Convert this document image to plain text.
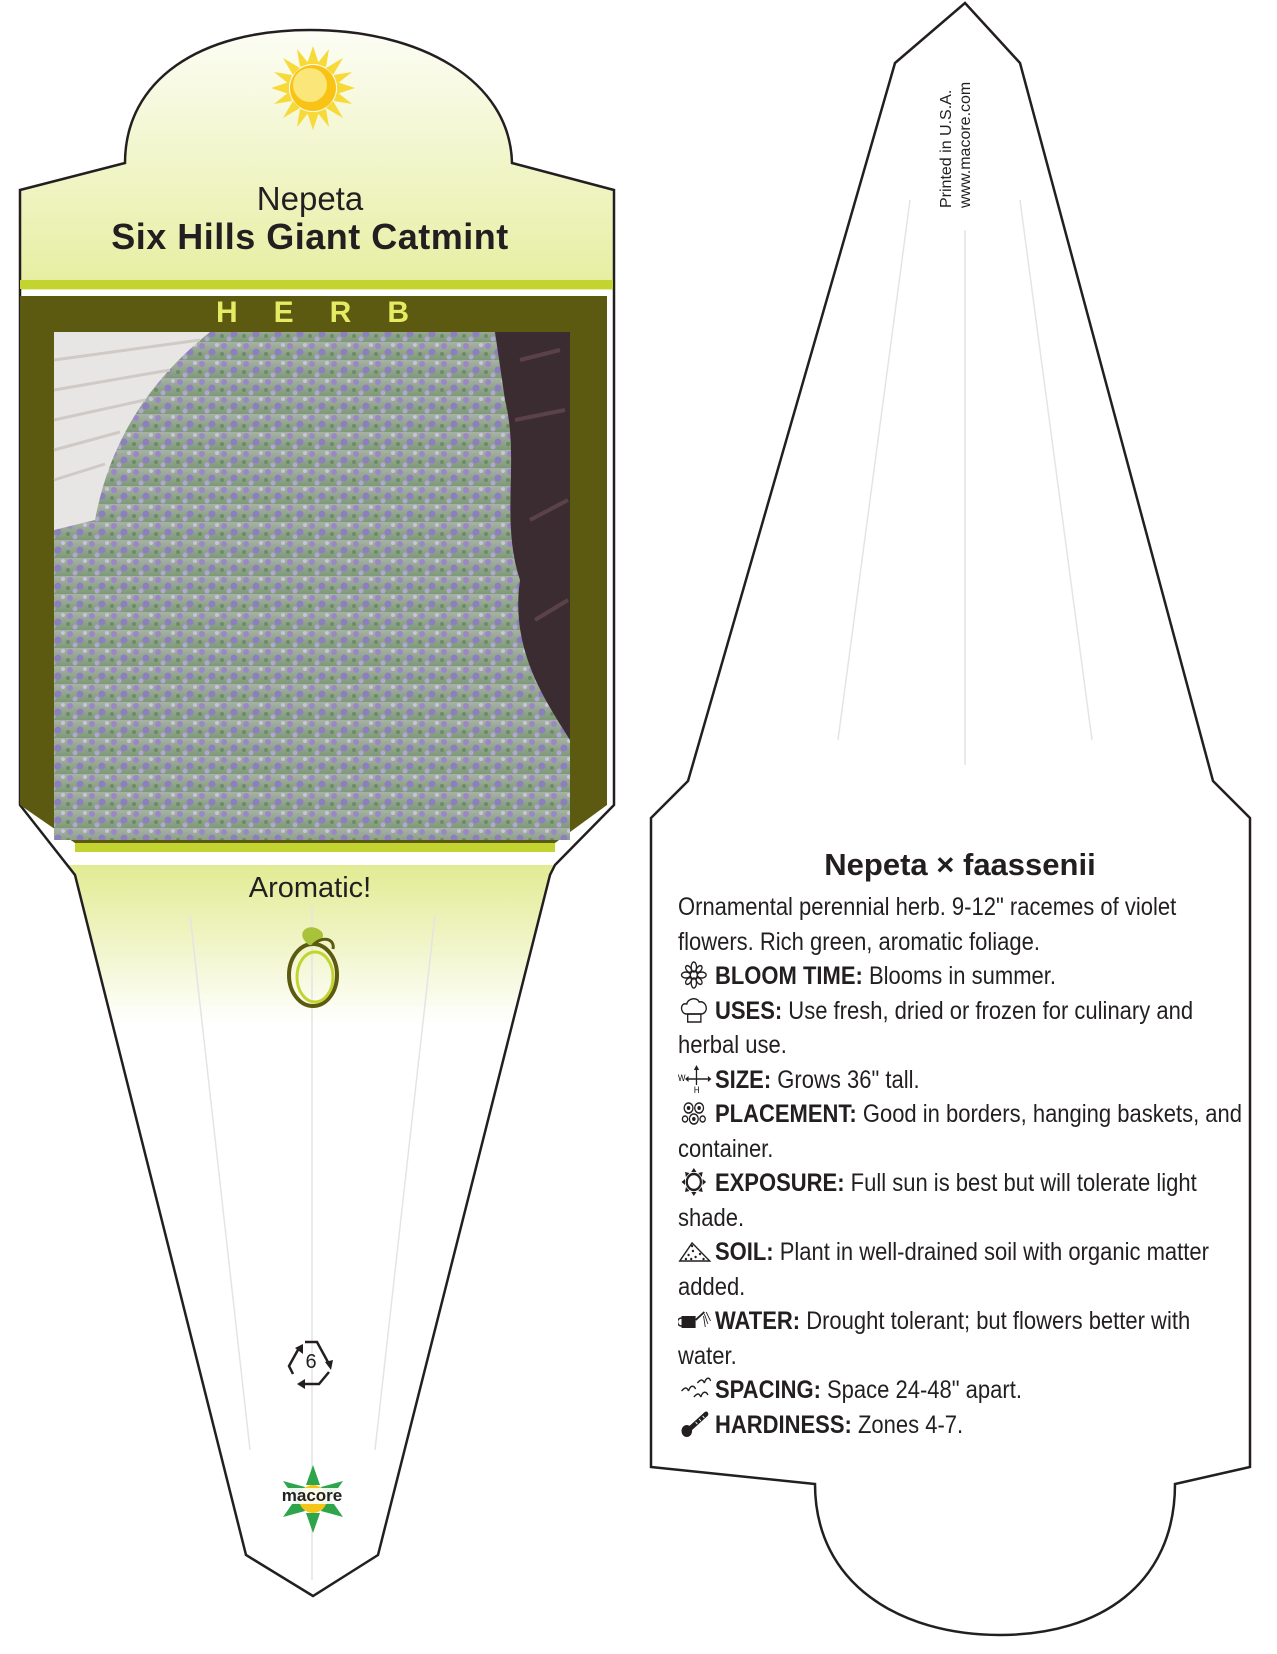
Nepeta
Six Hills Giant Catmint
HERB
Aromatic!
6
macore
Printed in U.S.A. www.macore.com
Nepeta × faassenii

Ornamental perennial herb. 9-12" racemes of violet flowers. Rich green, aromatic foliage.

BLOOM TIME: Blooms in summer.

USES: Use fresh, dried or frozen for culinary and herbal use.

W
H SIZE: Grows 36" tall.

PLACEMENT: Good in borders, hanging baskets, and container.

EXPOSURE: Full sun is best but will tolerate light shade.

SOIL: Plant in well-drained soil with organic matter added.

WATER: Drought tolerant; but flowers better with water.

SPACING: Space 24-48" apart.

HARDINESS: Zones 4-7.
